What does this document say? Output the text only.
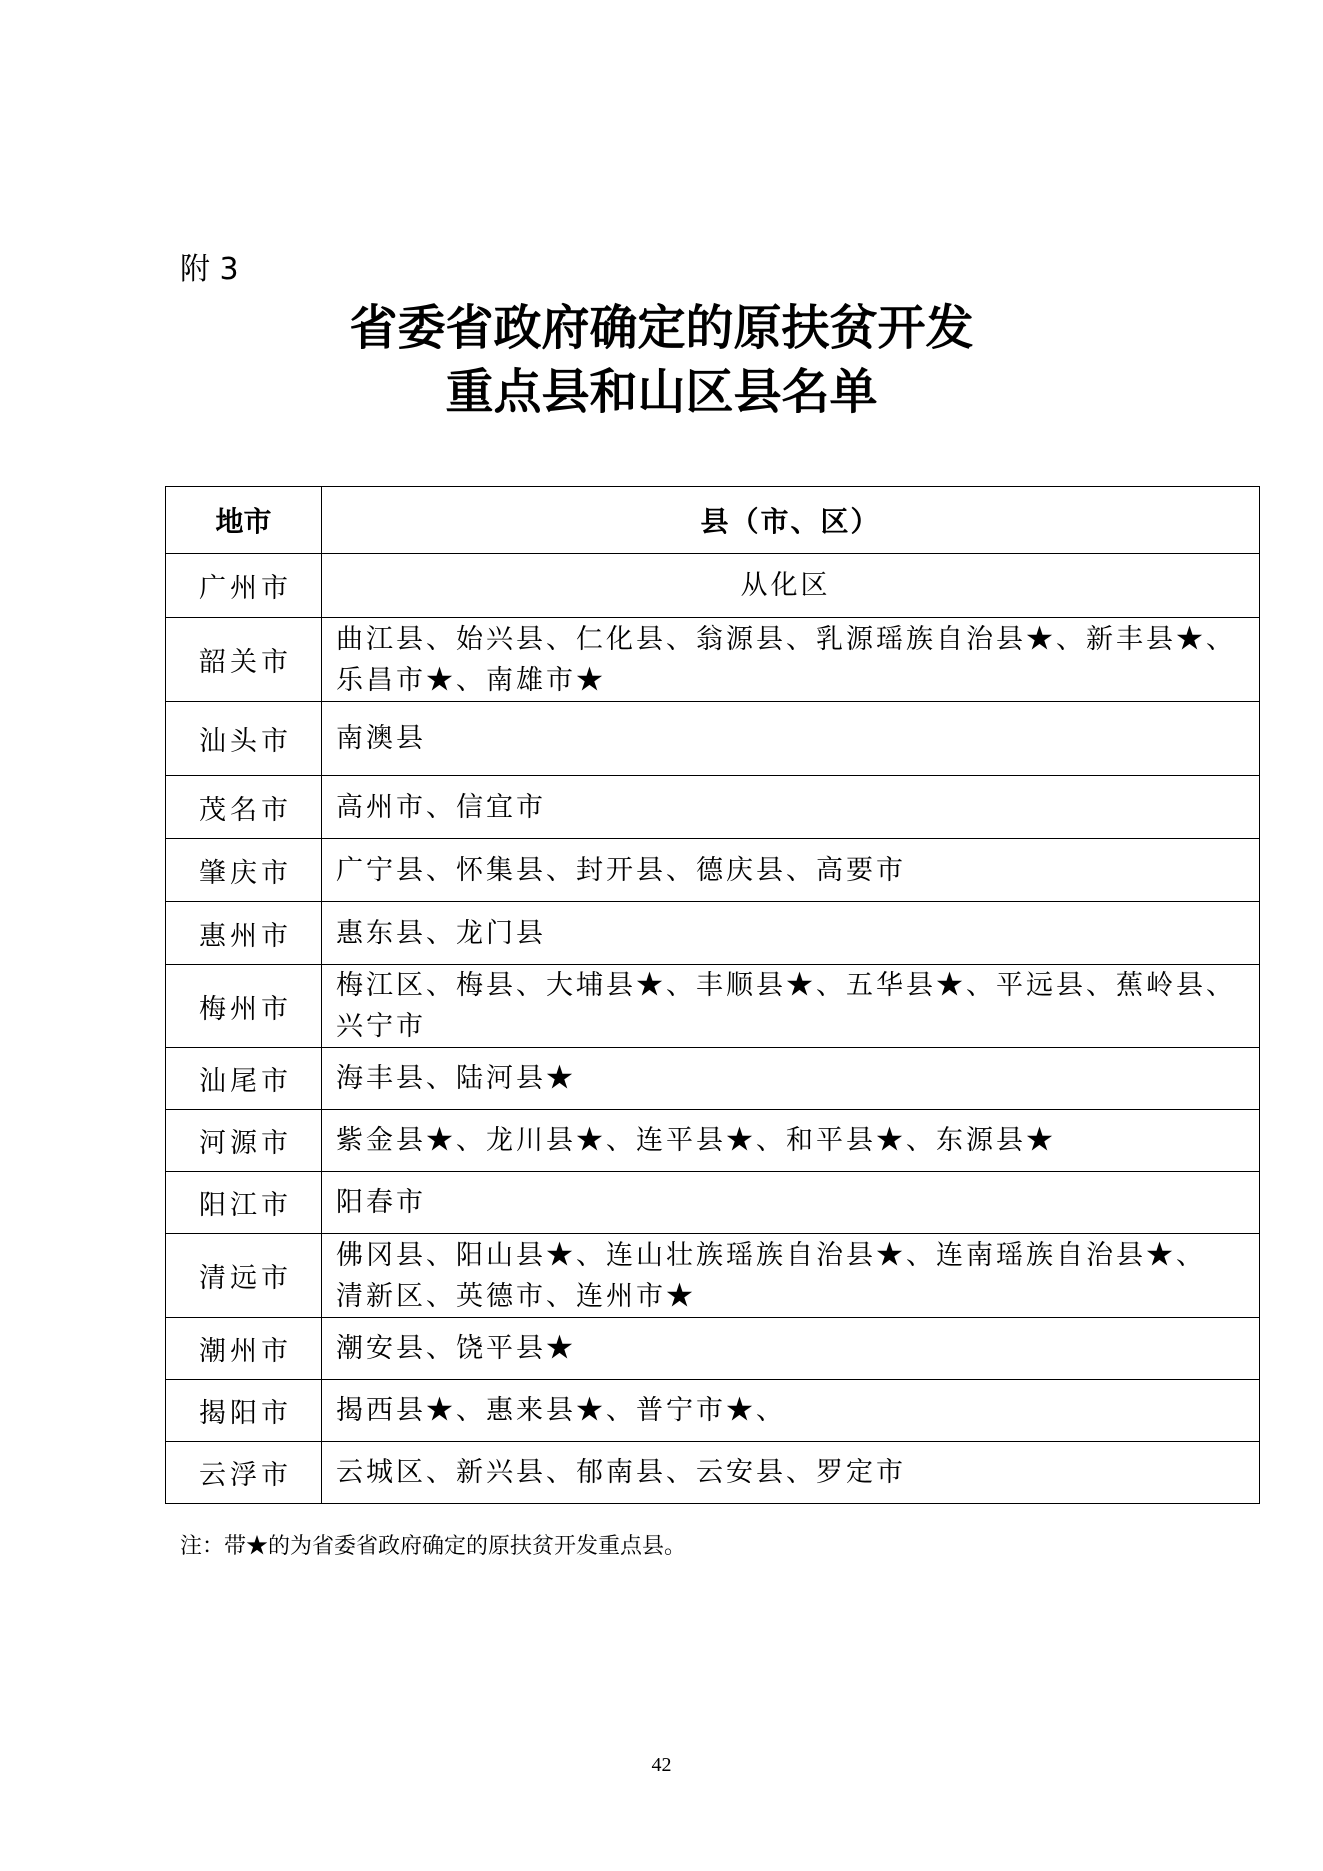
附 3
省委省政府确定的原扶贫开发
重点县和山区县名单
地市	县（市、区）
广州市	从化区
韶关市	曲江县、始兴县、仁化县、翁源县、乳源瑶族自治县★、新丰县★、
乐昌市★、南雄市★
汕头市	南澳县
茂名市	高州市、信宜市
肇庆市	广宁县、怀集县、封开县、德庆县、高要市
惠州市	惠东县、龙门县
梅州市	梅江区、梅县、大埔县★、丰顺县★、五华县★、平远县、蕉岭县、
兴宁市
汕尾市	海丰县、陆河县★
河源市	紫金县★、龙川县★、连平县★、和平县★、东源县★
阳江市	阳春市
清远市	佛冈县、阳山县★、连山壮族瑶族自治县★、连南瑶族自治县★、
清新区、英德市、连州市★
潮州市	潮安县、饶平县★
揭阳市	揭西县★、惠来县★、普宁市★、
云浮市	云城区、新兴县、郁南县、云安县、罗定市
注：带★的为省委省政府确定的原扶贫开发重点县。
42
